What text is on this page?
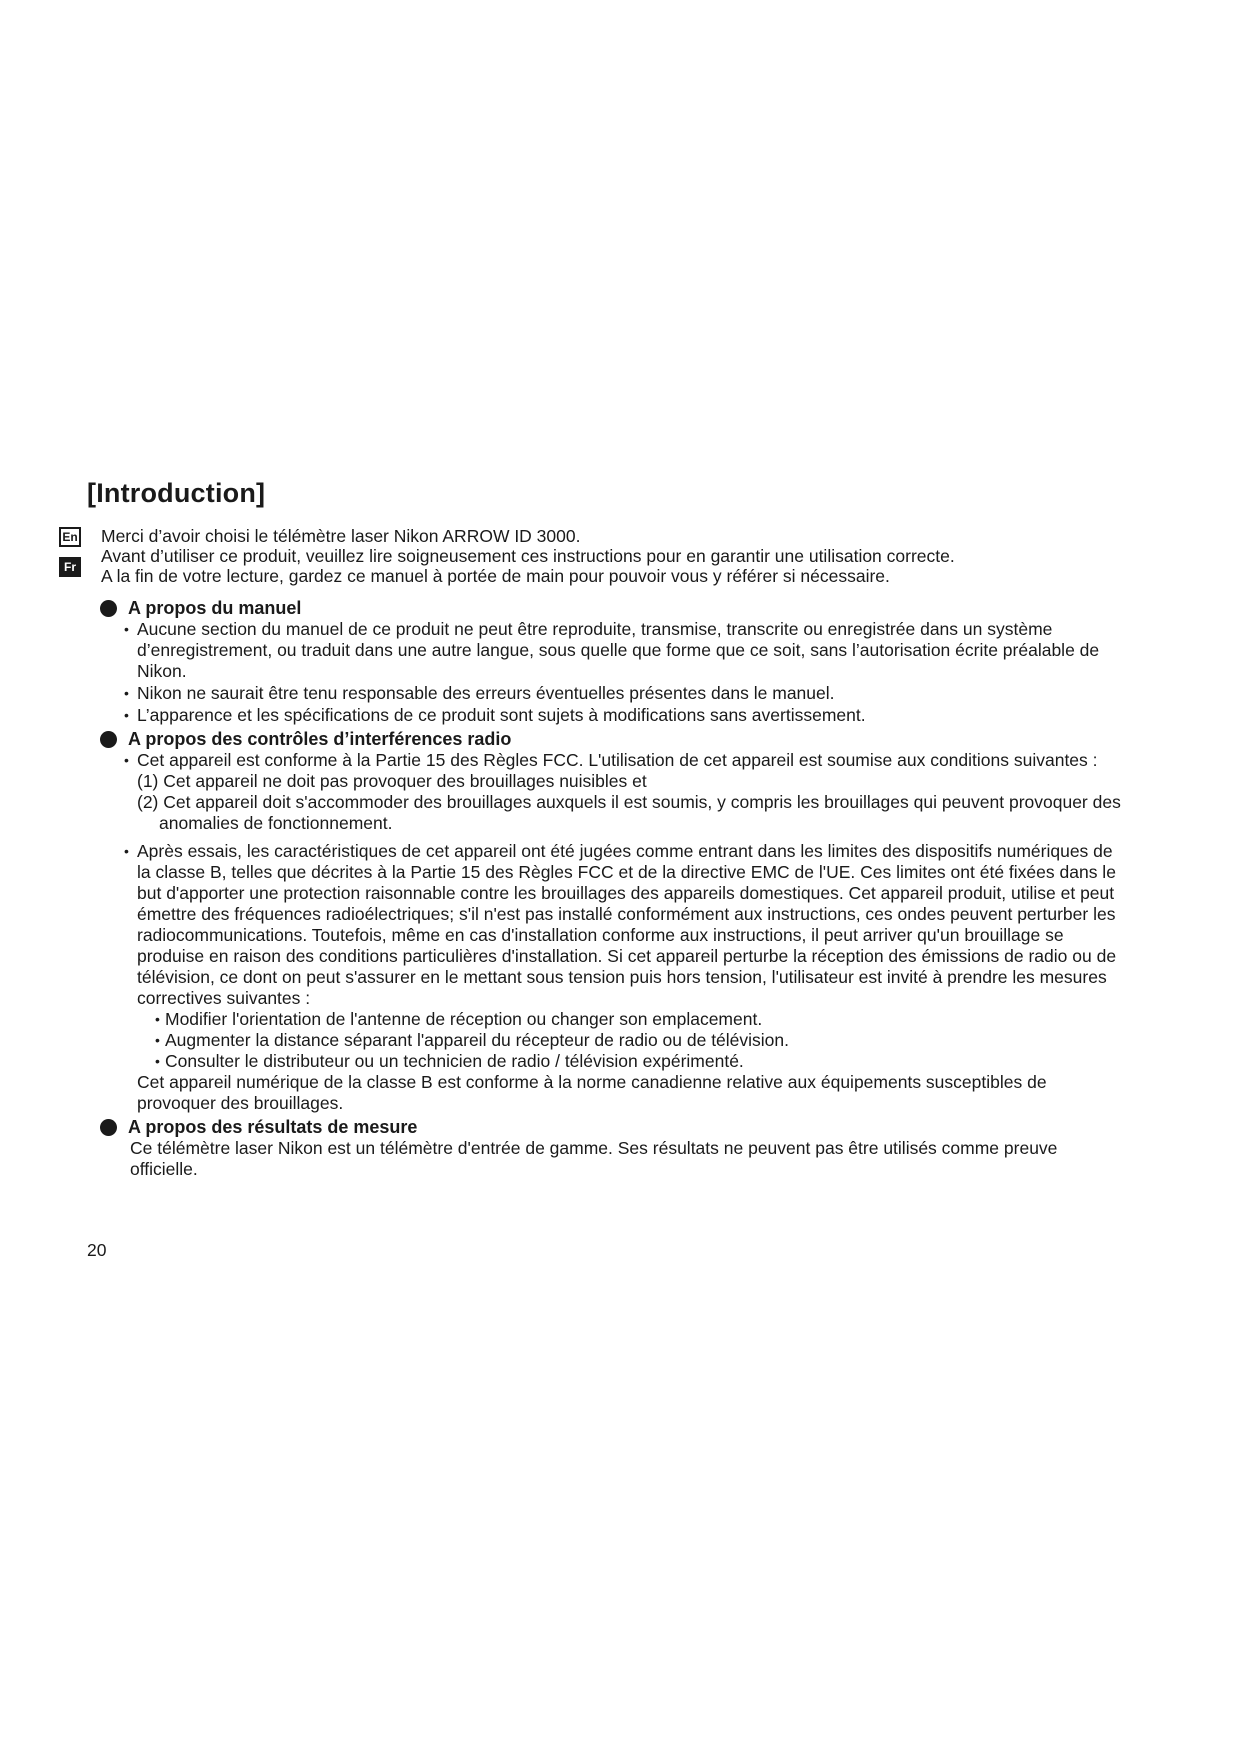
[Introduction]
En
Fr

Merci d’avoir choisi le télémètre laser Nikon ARROW ID 3000.

Avant d’utiliser ce produit, veuillez lire soigneusement ces instructions pour en garantir une utilisation correcte.

A la fin de votre lecture, gardez ce manuel à portée de main pour pouvoir vous y référer si nécessaire.

A propos du manuel
• Aucune section du manuel de ce produit ne peut être reproduite, transmise, transcrite ou enregistrée dans un système d’enregistrement, ou traduit dans une autre langue, sous quelle que forme que ce soit, sans l’autorisation écrite préalable de Nikon.
• Nikon ne saurait être tenu responsable des erreurs éventuelles présentes dans le manuel.
• L’apparence et les spécifications de ce produit sont sujets à modifications sans avertissement.
A propos des contrôles d’interférences radio
• Cet appareil est conforme à la Partie 15 des Règles FCC. L'utilisation de cet appareil est soumise aux conditions suivantes :
(1) Cet appareil ne doit pas provoquer des brouillages nuisibles et
(2) Cet appareil doit s'accommoder des brouillages auxquels il est soumis, y compris les brouillages qui peuvent provoquer des anomalies de fonctionnement.
• Après essais, les caractéristiques de cet appareil ont été jugées comme entrant dans les limites des dispositifs numériques de la classe B, telles que décrites à la Partie 15 des Règles FCC et de la directive EMC de l'UE. Ces limites ont été fixées dans le but d'apporter une protection raisonnable contre les brouillages des appareils domestiques. Cet appareil produit, utilise et peut émettre des fréquences radioélectriques; s'il n'est pas installé conformément aux instructions, ces ondes peuvent perturber les radiocommunications. Toutefois, même en cas d'installation conforme aux instructions, il peut arriver qu'un brouillage se produise en raison des conditions particulières d'installation. Si cet appareil perturbe la réception des émissions de radio ou de télévision, ce dont on peut s'assurer en le mettant sous tension puis hors tension, l'utilisateur est invité à prendre les mesures correctives suivantes :
• Modifier l'orientation de l'antenne de réception ou changer son emplacement.
• Augmenter la distance séparant l'appareil du récepteur de radio ou de télévision.
• Consulter le distributeur ou un technicien de radio / télévision expérimenté.
Cet appareil numérique de la classe B est conforme à la norme canadienne relative aux équipements susceptibles de provoquer des brouillages.
A propos des résultats de mesure

Ce télémètre laser Nikon est un télémètre d'entrée de gamme. Ses résultats ne peuvent pas être utilisés comme preuve officielle.

20
